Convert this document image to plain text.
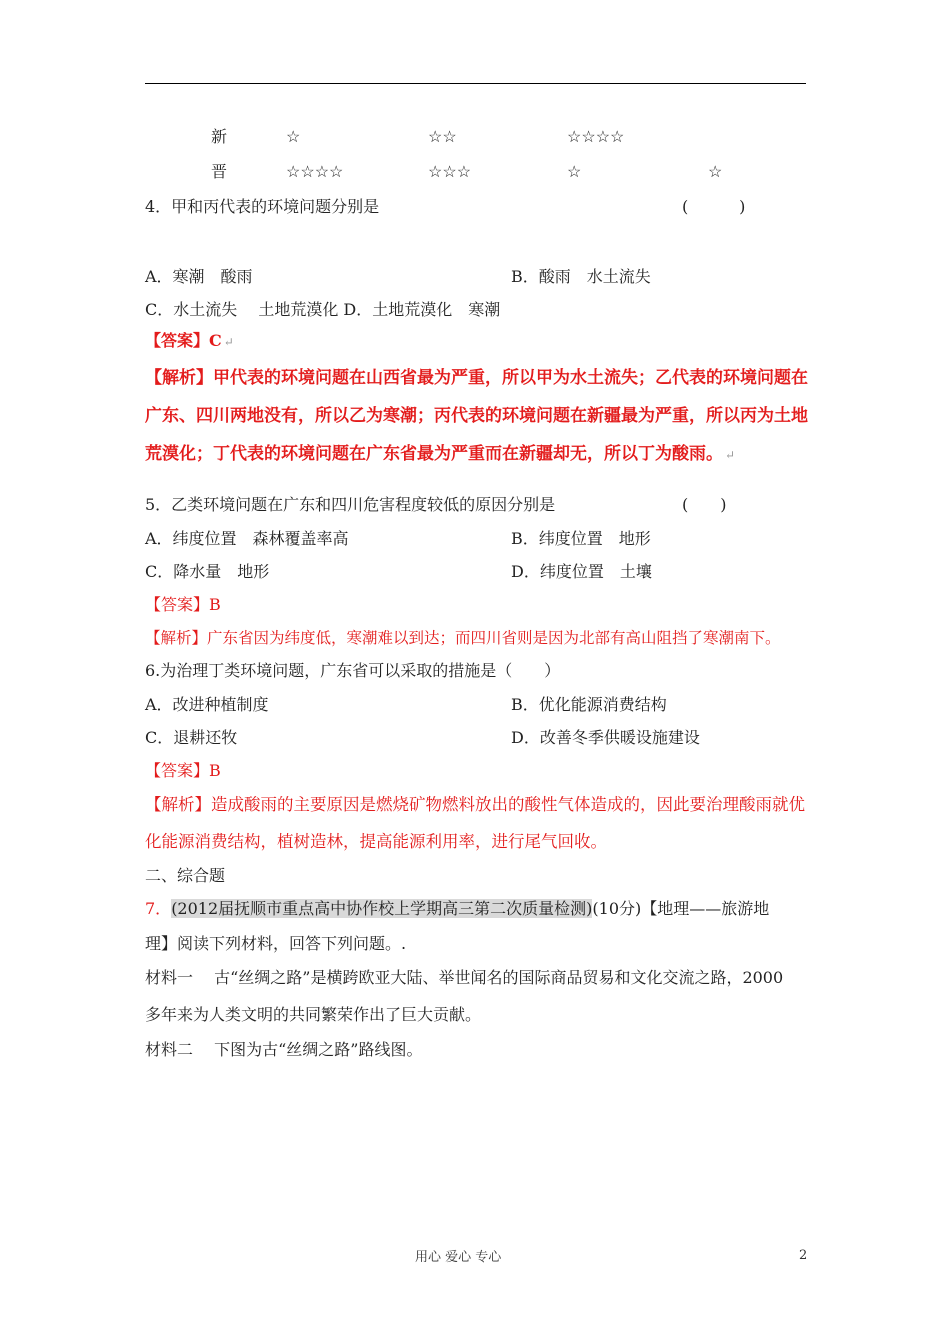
新	☆	☆☆	☆☆☆☆
晋	☆☆☆☆	☆☆☆	☆	☆
4．甲和丙代表的环境问题分别是	(          )
A．寒潮　酸雨	B．酸雨　水土流失
C．水土流失　 土地荒漠化 D．土地荒漠化　寒潮
【答案】C ↵
【解析】甲代表的环境问题在山西省最为严重，所以甲为水土流失；乙代表的环境问题在
广东、四川两地没有，所以乙为寒潮；丙代表的环境问题在新疆最为严重，所以丙为土地
荒漠化；丁代表的环境问题在广东省最为严重而在新疆却无，所以丁为酸雨。 ↵
5．乙类环境问题在广东和四川危害程度较低的原因分别是	(　　)
A．纬度位置　森林覆盖率高	B．纬度位置　地形
C．降水量　地形	D．纬度位置　土壤
【答案】B
【解析】广东省因为纬度低，寒潮难以到达；而四川省则是因为北部有高山阻挡了寒潮南下。
6.为治理丁类环境问题，广东省可以采取的措施是（　　）
A．改进种植制度	B．优化能源消费结构
C．退耕还牧	D．改善冬季供暖设施建设
【答案】B
【解析】造成酸雨的主要原因是燃烧矿物燃料放出的酸性气体造成的，因此要治理酸雨就优
化能源消费结构，植树造林，提高能源利用率，进行尾气回收。
二、综合题
7．(2012届抚顺市重点高中协作校上学期高三第二次质量检测)(10分)【地理——旅游地
理】阅读下列材料，回答下列问题。.
材料一　 古“丝绸之路”是横跨欧亚大陆、举世闻名的国际商品贸易和文化交流之路，2000
多年来为人类文明的共同繁荣作出了巨大贡献。
材料二　 下图为古“丝绸之路”路线图。
用心 爱心 专心	2
